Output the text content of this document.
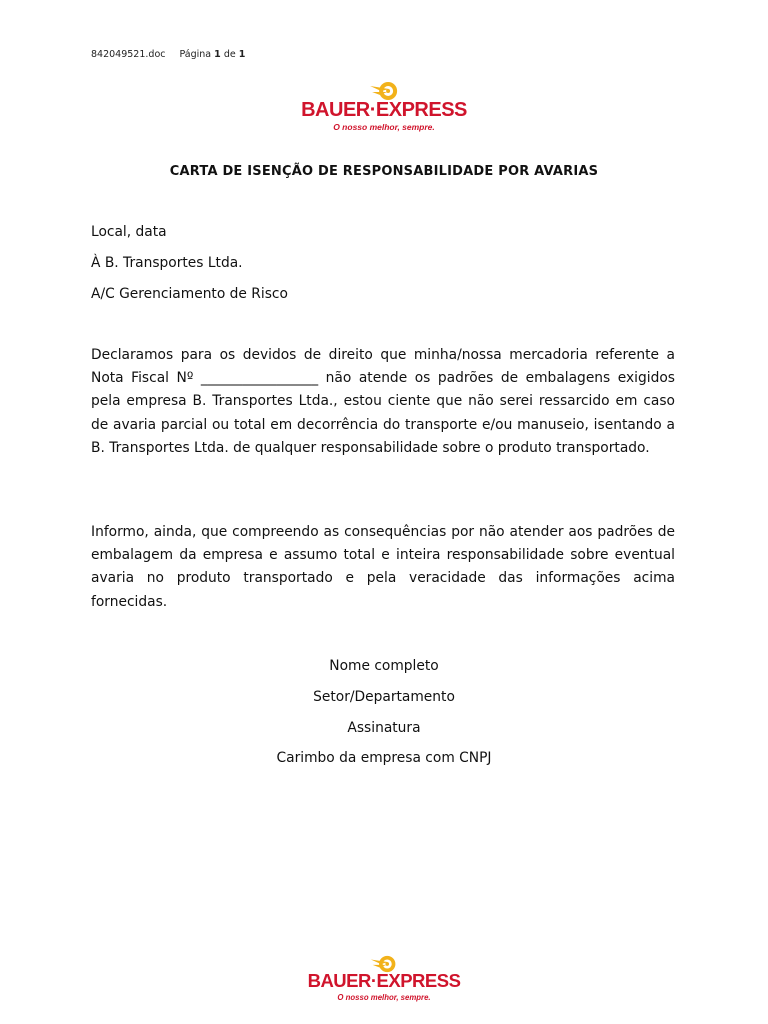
842049521.doc Página 1 de 1
BAUER·EXPRESS
O nosso melhor, sempre.
CARTA DE ISENÇÃO DE RESPONSABILIDADE POR AVARIAS
Local, data
À B. Transportes Ltda.
A/C Gerenciamento de Risco
Declaramos para os devidos de direito que minha/nossa mercadoria referente a Nota Fiscal Nº _________________ não atende os padrões de embalagens exigidos pela empresa B. Transportes Ltda., estou ciente que não serei ressarcido em caso de avaria parcial ou total em decorrência do transporte e/ou manuseio, isentando a B. Transportes Ltda. de qualquer responsabilidade sobre o produto transportado.
Informo, ainda, que compreendo as consequências por não atender aos padrões de embalagem da empresa e assumo total e inteira responsabilidade sobre eventual avaria no produto transportado e pela veracidade das informações acima fornecidas.
Nome completo
Setor/Departamento
Assinatura
Carimbo da empresa com CNPJ
BAUER·EXPRESS
O nosso melhor, sempre.
